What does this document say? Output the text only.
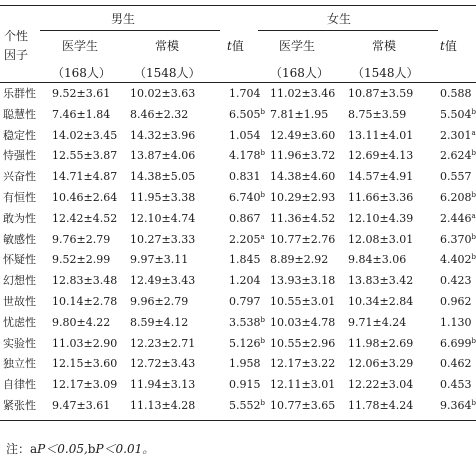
个性
因子
男生	女生
t值	t值
医学生	常模	医学生	常模
（168人） （1548人）	（168人） （1548人）
乐群性 9.52±3.61 10.02±3.63	1.704 11.02±3.46 10.87±3.59 0.588
聪慧性 7.46±1.84 8.46±2.32	6.505$^b$ 7.81±1.95 8.75±3.59	5.504$^b$
稳定性 14.02±3.45 14.32±3.96	1.054 12.49±3.60 13.11±4.01 2.301$^a$
恃强性 12.55±3.87 13.87±4.06	4.178$^b$ 11.96±3.72 12.69±4.13 2.624$^b$
兴奋性 14.71±4.87 14.38±5.05	0.831 14.38±4.60 14.57±4.91 0.557
有恒性 10.46±2.64 11.95±3.38	6.740$^b$ 10.29±2.93 11.66±3.36 6.208$^b$
敢为性 12.42±4.52 12.10±4.74	0.867 11.36±4.52 12.10±4.39 2.446$^a$
敏感性 9.76±2.79 10.27±3.33	2.205$^a$ 10.77±2.76 12.08±3.01 6.370$^b$
怀疑性 9.52±2.99 9.97±3.11	1.845 8.89±2.92 9.84±3.06	4.402$^b$
幻想性 12.83±3.48 12.49±3.43	1.204 13.93±3.18 13.83±3.42 0.423
世故性 10.14±2.78 9.96±2.79	0.797 10.55±3.01 10.34±2.84 0.962
忧虑性 9.80±4.22 8.59±4.12	3.538$^b$ 10.03±4.78 9.71±4.24	1.130
实验性 11.03±2.90 12.23±2.71	5.126$^b$ 10.55±2.96 11.98±2.69 6.699$^b$
独立性 12.15±3.60 12.72±3.43	1.958 12.17±3.22 12.06±3.29 0.462
自律性 12.17±3.09 11.94±3.13	0.915 12.11±3.01 12.22±3.04 0.453
紧张性 9.47±3.61 11.13±4.28	5.552$^b$ 10.77±3.65 11.78±4.24 9.364$^b$
注：aP＜0.05,bP＜0.01。
